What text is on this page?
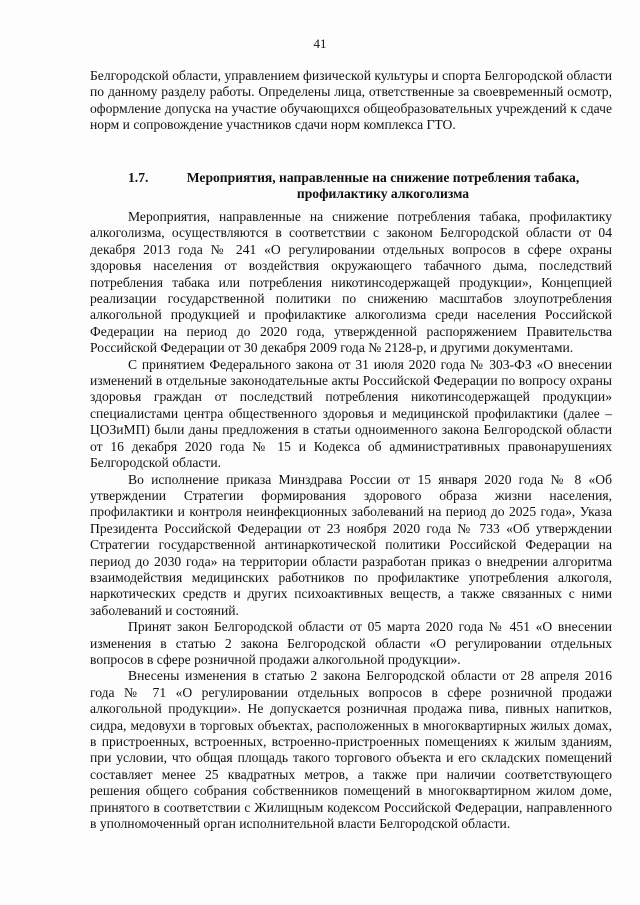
41

Белгородской области, управлением физической культуры и спорта Белгородской области по данному разделу работы. Определены лица, ответственные за своевременный осмотр, оформление допуска на участие обучающихся общеобразовательных учреждений к сдаче норм и сопровождение участников сдачи норм комплекса ГТО.

1.7.	Мероприятия, направленные на снижение потребления табака, профилактику алкоголизма

Мероприятия, направленные на снижение потребления табака, профилактику алкоголизма, осуществляются в соответствии с законом Белгородской области от 04 декабря 2013 года № 241 «О регулировании отдельных вопросов в сфере охраны здоровья населения от воздействия окружающего табачного дыма, последствий потребления табака или потребления никотинсодержащей продукции», Концепцией реализации государственной политики по снижению масштабов злоупотребления алкогольной продукцией и профилактике алкоголизма среди населения Российской Федерации на период до 2020 года, утвержденной распоряжением Правительства Российской Федерации от 30 декабря 2009 года № 2128-р, и другими документами.

С принятием Федерального закона от 31 июля 2020 года № 303-ФЗ «О внесении изменений в отдельные законодательные акты Российской Федерации по вопросу охраны здоровья граждан от последствий потребления никотинсодержащей продукции» специалистами центра общественного здоровья и медицинской профилактики (далее – ЦОЗиМП) были даны предложения в статьи одноименного закона Белгородской области от 16 декабря 2020 года № 15 и Кодекса об административных правонарушениях Белгородской области.

Во исполнение приказа Минздрава России от 15 января 2020 года № 8 «Об утверждении Стратегии формирования здорового образа жизни населения, профилактики и контроля неинфекционных заболеваний на период до 2025 года», Указа Президента Российской Федерации от 23 ноября 2020 года № 733 «Об утверждении Стратегии государственной антинаркотической политики Российской Федерации на период до 2030 года» на территории области разработан приказ о внедрении алгоритма взаимодействия медицинских работников по профилактике употребления алкоголя, наркотических средств и других психоактивных веществ, а также связанных с ними заболеваний и состояний.

Принят закон Белгородской области от 05 марта 2020 года № 451 «О внесении изменения в статью 2 закона Белгородской области «О регулировании отдельных вопросов в сфере розничной продажи алкогольной продукции».

Внесены изменения в статью 2 закона Белгородской области от 28 апреля 2016 года № 71 «О регулировании отдельных вопросов в сфере розничной продажи алкогольной продукции». Не допускается розничная продажа пива, пивных напитков, сидра, медовухи в торговых объектах, расположенных в многоквартирных жилых домах, в пристроенных, встроенных, встроенно-пристроенных помещениях к жилым зданиям, при условии, что общая площадь такого торгового объекта и его складских помещений составляет менее 25 квадратных метров, а также при наличии соответствующего решения общего собрания собственников помещений в многоквартирном жилом доме, принятого в соответствии с Жилищным кодексом Российской Федерации, направленного в уполномоченный орган исполнительной власти Белгородской области.
